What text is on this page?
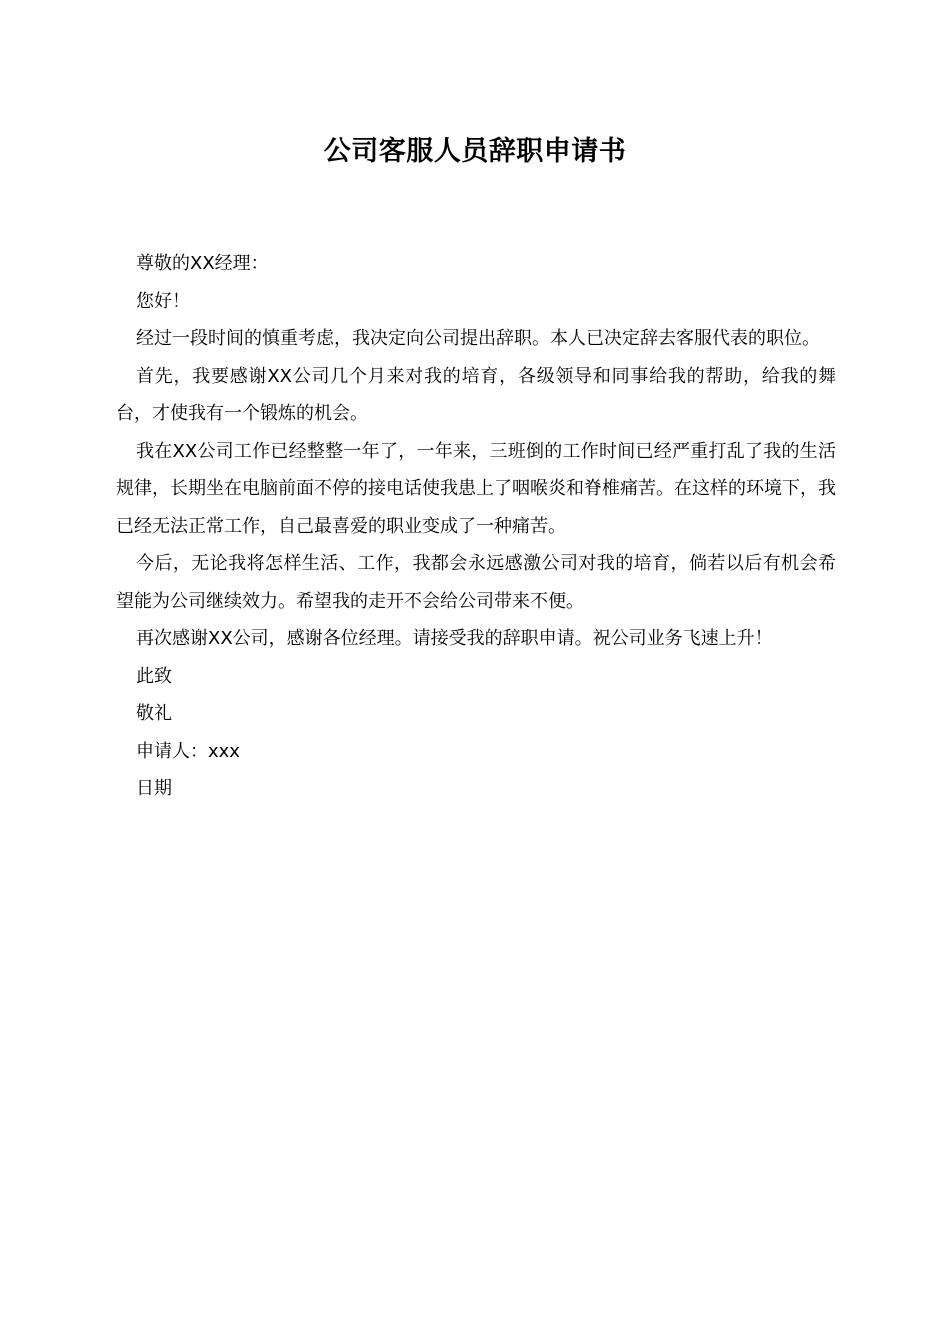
公司客服人员辞职申请书

尊敬的XX经理：

您好！

经过一段时间的慎重考虑，我决定向公司提出辞职。本人已决定辞去客服代表的职位。

首先，我要感谢XX公司几个月来对我的培育，各级领导和同事给我的帮助，给我的舞台，才使我有一个锻炼的机会。

我在XX公司工作已经整整一年了，一年来，三班倒的工作时间已经严重打乱了我的生活规律，长期坐在电脑前面不停的接电话使我患上了咽喉炎和脊椎痛苦。在这样的环境下，我已经无法正常工作，自己最喜爱的职业变成了一种痛苦。

今后，无论我将怎样生活、工作，我都会永远感激公司对我的培育，倘若以后有机会希望能为公司继续效力。希望我的走开不会给公司带来不便。

再次感谢XX公司，感谢各位经理。请接受我的辞职申请。祝公司业务飞速上升！

此致

敬礼

申请人：xxx

日期
